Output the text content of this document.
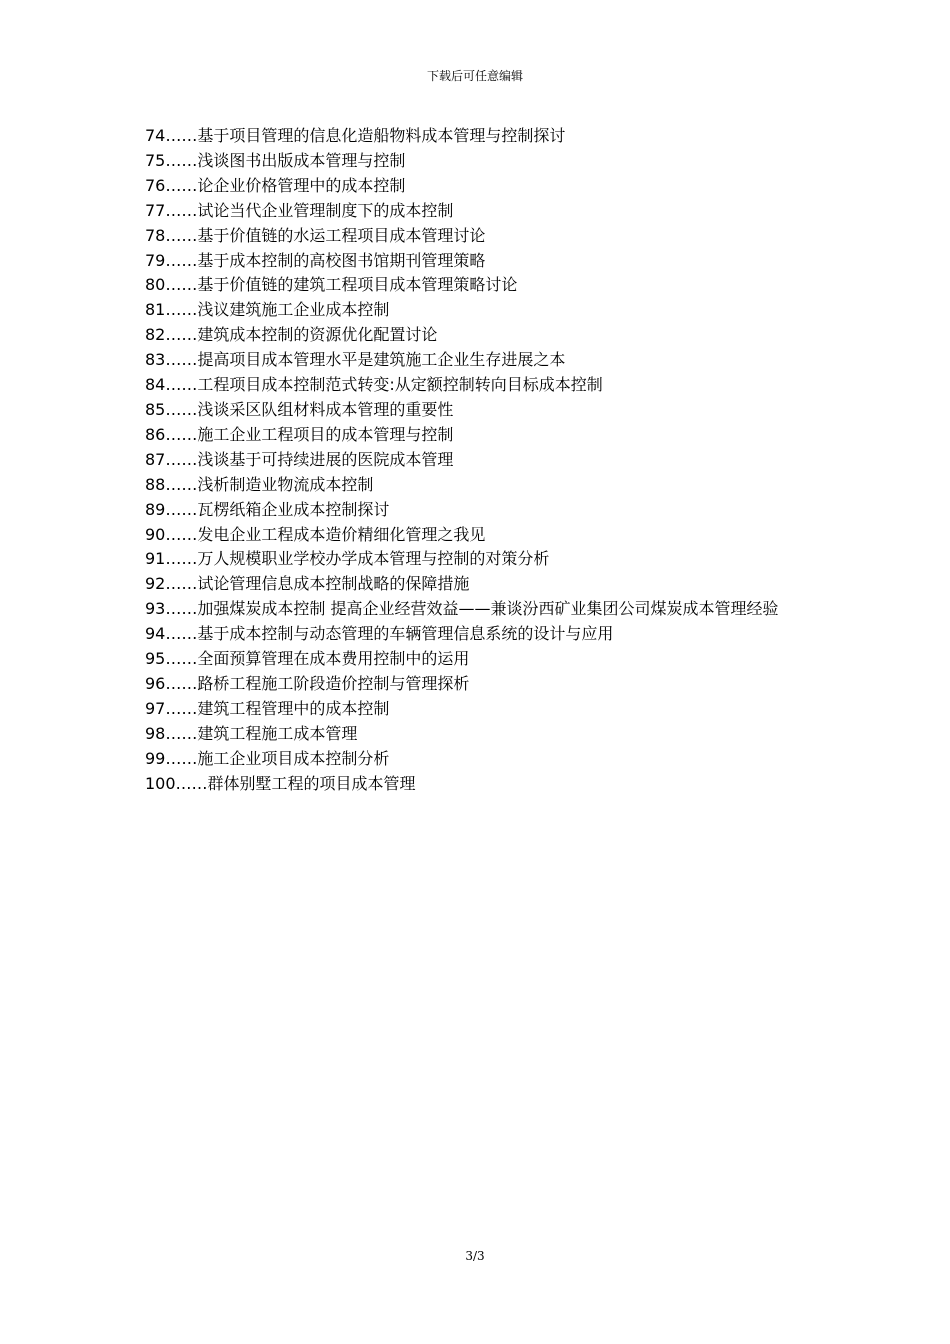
下载后可任意编辑

74……基于项目管理的信息化造船物料成本管理与控制探讨

75……浅谈图书出版成本管理与控制

76……论企业价格管理中的成本控制

77……试论当代企业管理制度下的成本控制

78……基于价值链的水运工程项目成本管理讨论

79……基于成本控制的高校图书馆期刊管理策略

80……基于价值链的建筑工程项目成本管理策略讨论

81……浅议建筑施工企业成本控制

82……建筑成本控制的资源优化配置讨论

83……提高项目成本管理水平是建筑施工企业生存进展之本

84……工程项目成本控制范式转变:从定额控制转向目标成本控制

85……浅谈采区队组材料成本管理的重要性

86……施工企业工程项目的成本管理与控制

87……浅谈基于可持续进展的医院成本管理

88……浅析制造业物流成本控制

89……瓦楞纸箱企业成本控制探讨

90……发电企业工程成本造价精细化管理之我见

91……万人规模职业学校办学成本管理与控制的对策分析

92……试论管理信息成本控制战略的保障措施

93……加强煤炭成本控制 提高企业经营效益——兼谈汾西矿业集团公司煤炭成本管理经验

94……基于成本控制与动态管理的车辆管理信息系统的设计与应用

95……全面预算管理在成本费用控制中的运用

96……路桥工程施工阶段造价控制与管理探析

97……建筑工程管理中的成本控制

98……建筑工程施工成本管理

99……施工企业项目成本控制分析

100……群体别墅工程的项目成本管理

3/3
